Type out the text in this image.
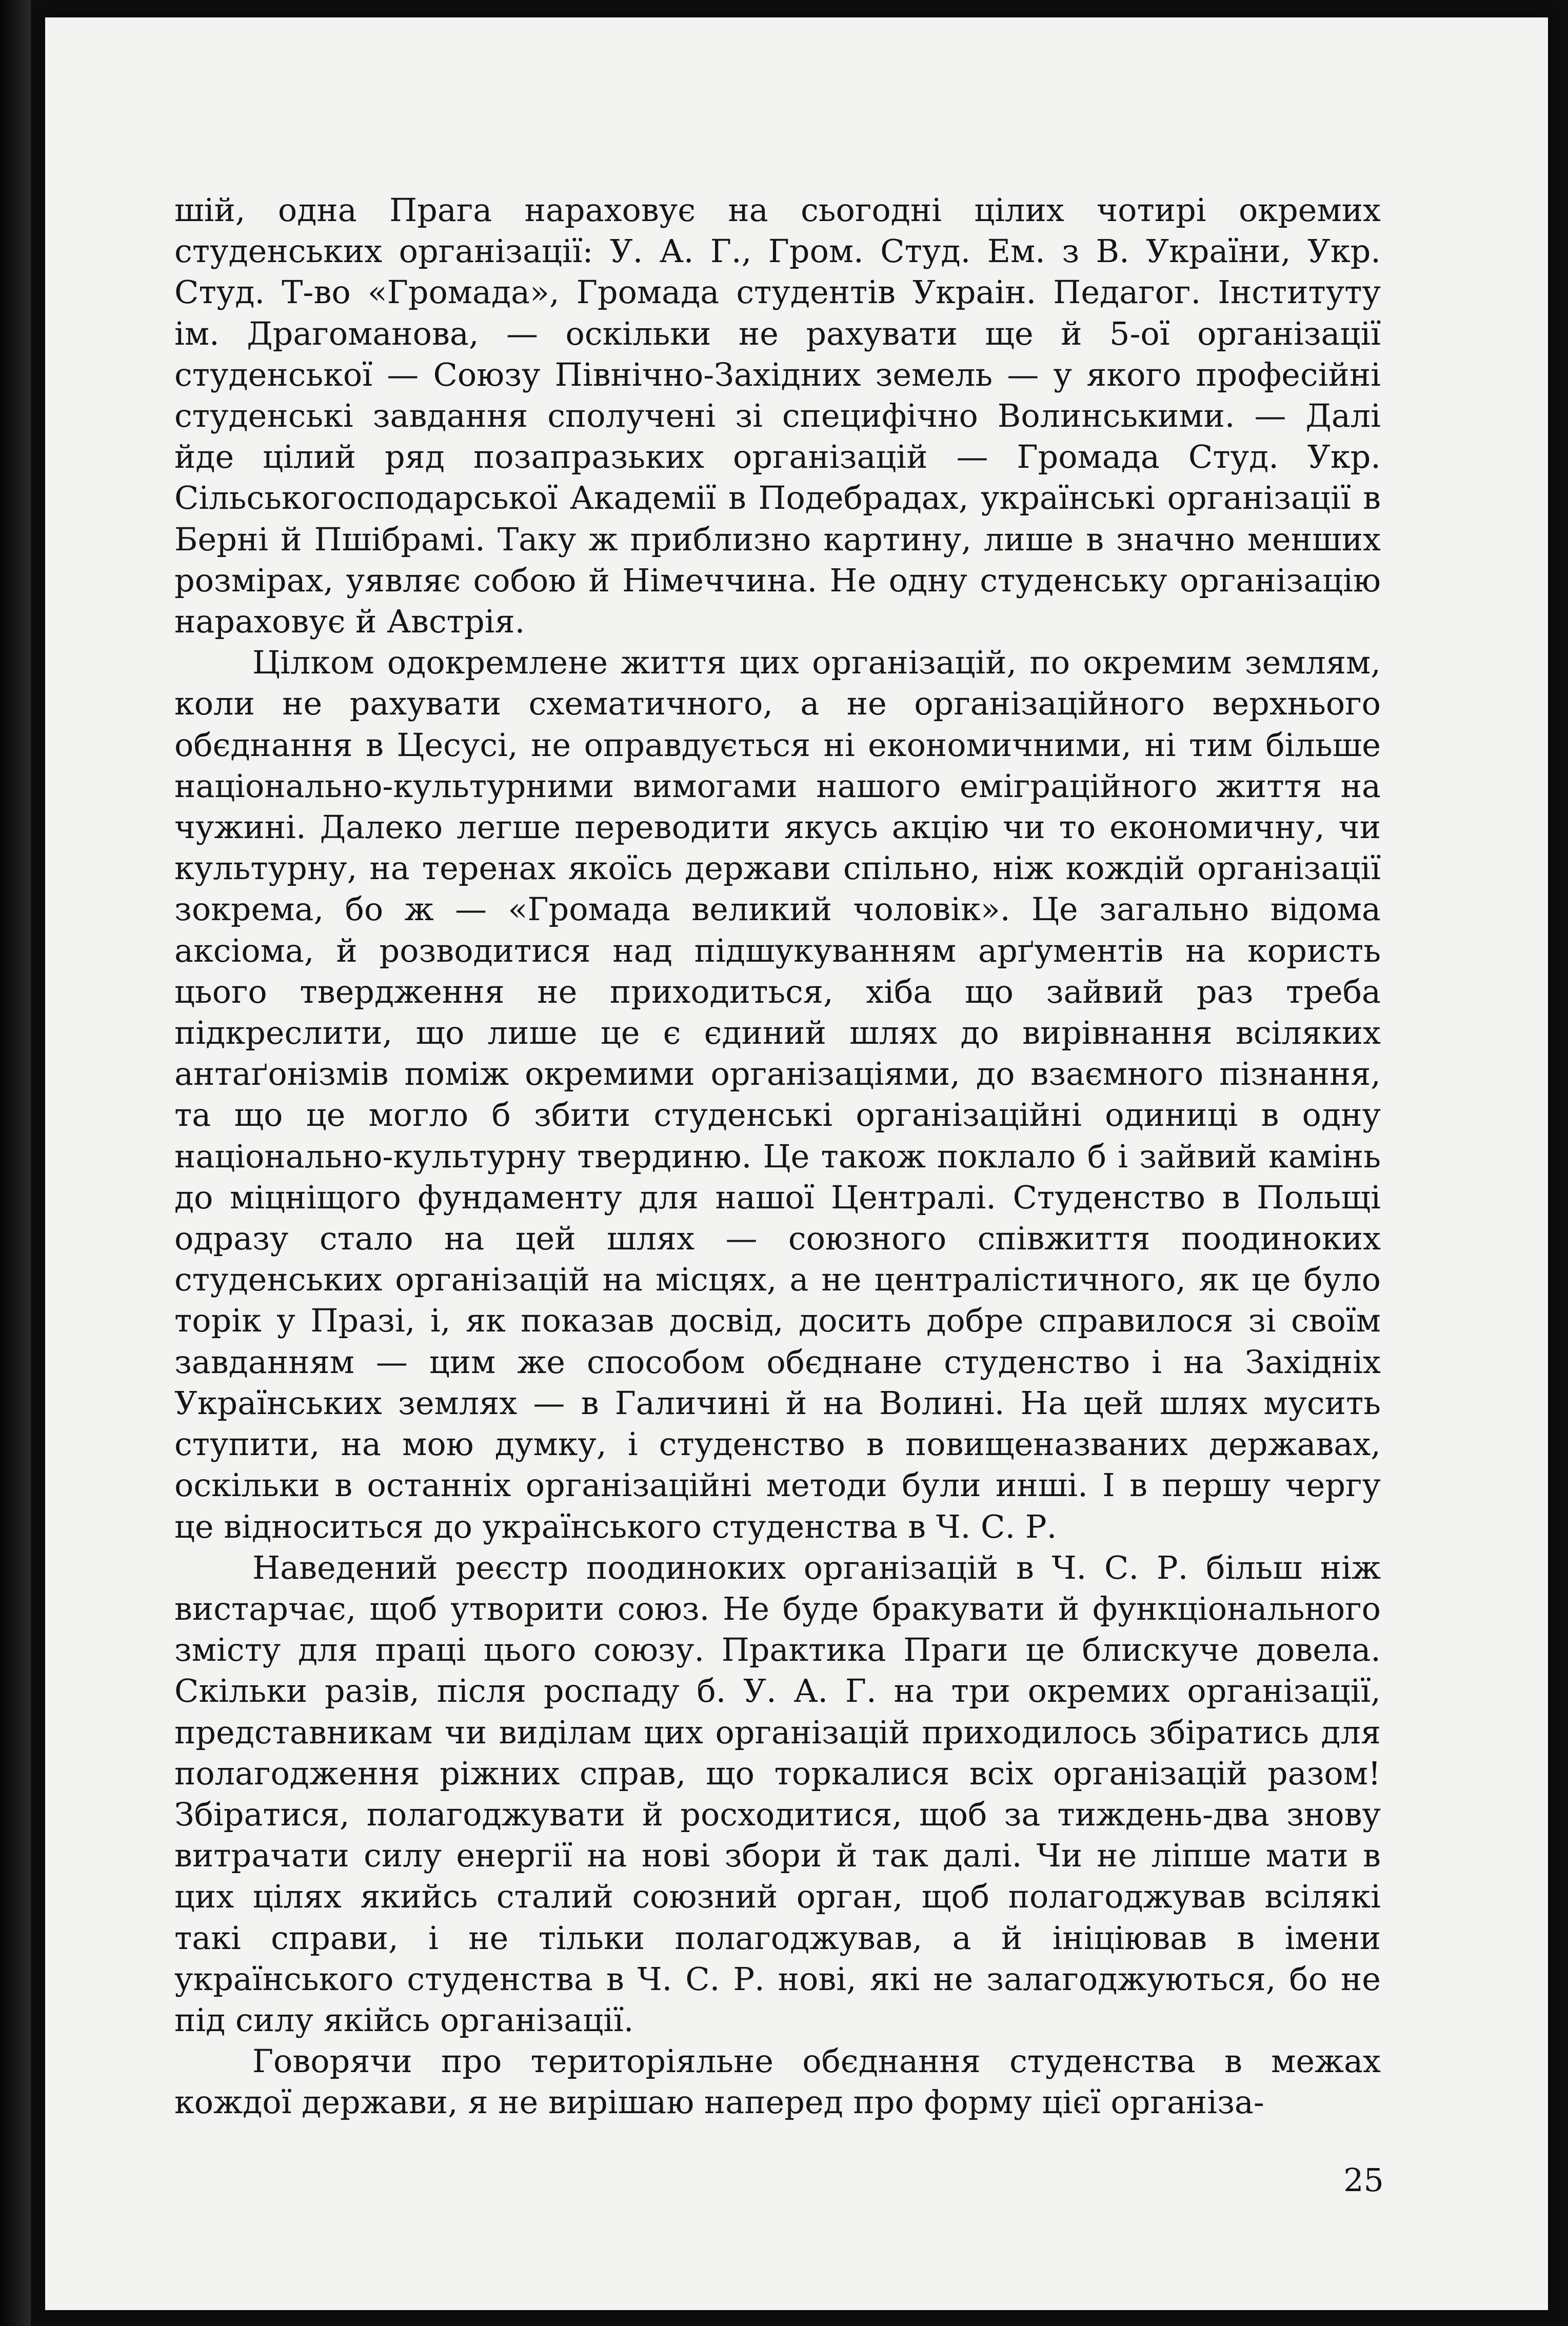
шій, одна Прага нараховує на сьогодні цілих чотирі окремих студенських організації: У. А. Г., Гром. Студ. Ем. з В. України, Укр. Студ. Т-во «Громада», Громада студентів Украін. Педагог. Інституту ім. Драгоманова, — оскільки не рахувати ще й 5-ої організації студенської — Союзу Північно-Західних земель — у якого професійні студенські завдання сполучені зі специфічно Волинськими. — Далі йде цілий ряд позапразьких організацій — Громада Студ. Укр. Сільськогосподарської Академії в Подебрадах, українські організації в Берні й Пшібрамі. Таку ж приблизно картину, лише в значно менших розмірах, уявляє собою й Німеччина. Не одну студенську організацію нараховує й Австрія.

Цілком одокремлене життя цих організацій, по окремим землям, коли не рахувати схематичного, а не організаційного верхнього обєднання в Цесусі, не оправдується ні економичними, ні тим більше національно-культурними вимогами нашого еміграційного життя на чужині. Далеко легше переводити якусь акцію чи то економичну, чи культурну, на теренах якоїсь держави спільно, ніж кождій організації зокрема, бо ж — «Громада великий чоловік». Це загально відома аксіома, й розводитися над підшукуванням арґументів на користь цього твердження не приходиться, хіба що зайвий раз треба підкреслити, що лише це є єдиний шлях до вирівнання всіляких антаґонізмів поміж окремими організаціями, до взаємного пізнання, та що це могло б збити студенські організаційні одиниці в одну національно-культурну твердиню. Це також поклало б і зайвий камінь до міцніщого фундаменту для нашої Централі. Студенство в Польщі одразу стало на цей шлях — союзного співжиття поодиноких студенських організацій на місцях, а не централістичного, як це було торік у Празі, і, як показав досвід, досить добре справилося зі своїм завданням — цим же способом обєднане студенство і на Західніх Українських землях — в Галичині й на Волині. На цей шлях мусить ступити, на мою думку, і студенство в повищеназваних державах, оскільки в останніх організаційні методи були инші. І в першу чергу це відноситься до українського студенства в Ч. С. Р.

Наведений реєстр поодиноких організацій в Ч. С. Р. більш ніж вистарчає, щоб утворити союз. Не буде бракувати й функціонального змісту для праці цього союзу. Практика Праги це блискуче довела. Скільки разів, після роспаду б. У. А. Г. на три окремих організації, представникам чи виділам цих організацій приходилось збіратись для полагодження ріжних справ, що торкалися всіх організацій разом! Збіратися, полагоджувати й росходитися, щоб за тиждень-два знову витрачати силу енергії на нові збори й так далі. Чи не ліпше мати в цих цілях якийсь сталий союзний орган, щоб полагоджував всілякі такі справи, і не тільки полагоджував, а й ініціював в імени українського студенства в Ч. С. Р. нові, які не залагоджуються, бо не під силу якійсь організації.

Говорячи про територіяльне обєднання студенства в межах кождої держави, я не вирішаю наперед про форму цієї організа-

25
